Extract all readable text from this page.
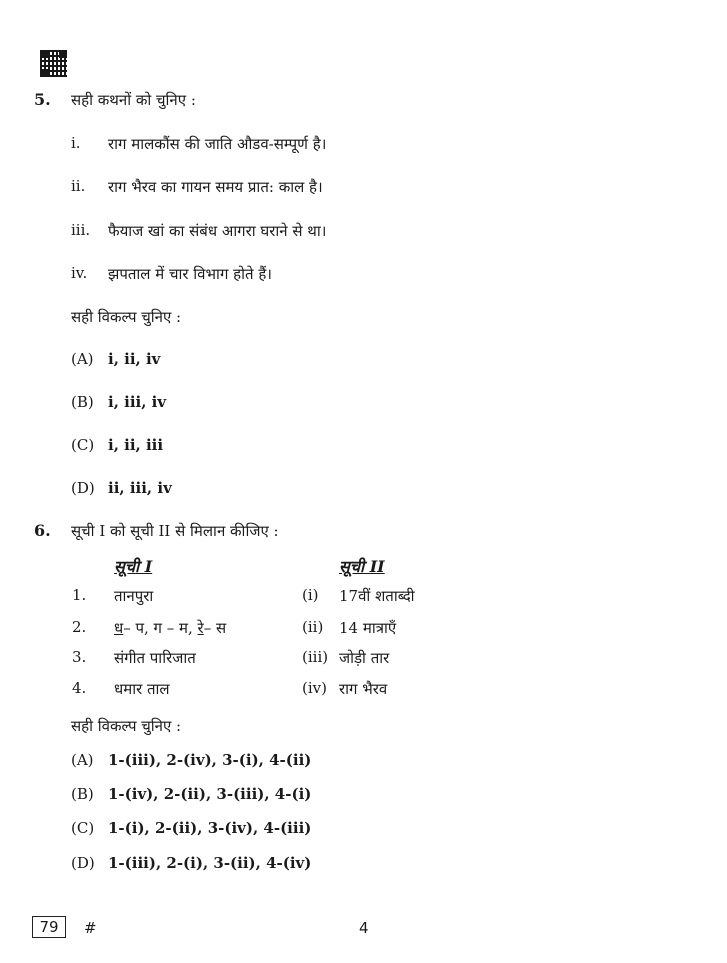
5. सही कथनों को चुनिए :
i. राग मालकौंस की जाति औडव-सम्पूर्ण है।
ii. राग भैरव का गायन समय प्रात: काल है।
iii. फैयाज खां का संबंध आगरा घराने से था।
iv. झपताल में चार विभाग होते हैं।
सही विकल्प चुनिए :
(A) i, ii, iv
(B) i, iii, iv
(C) i, ii, iii
(D) ii, iii, iv
6. सूची I को सूची II से मिलान कीजिए :
सूची I	सूची II
1. तानपुरा	(i) 17वीं शताब्दी
2. ध– प, ग – म, रे– स	(ii) 14 मात्राएँ
3. संगीत पारिजात	(iii) जोड़ी तार
4. धमार ताल	(iv) राग भैरव
सही विकल्प चुनिए :
(A) 1-(iii), 2-(iv), 3-(i), 4-(ii)
(B) 1-(iv), 2-(ii), 3-(iii), 4-(i)
(C) 1-(i), 2-(ii), 3-(iv), 4-(iii)
(D) 1-(iii), 2-(i), 3-(ii), 4-(iv)
79	#	4
